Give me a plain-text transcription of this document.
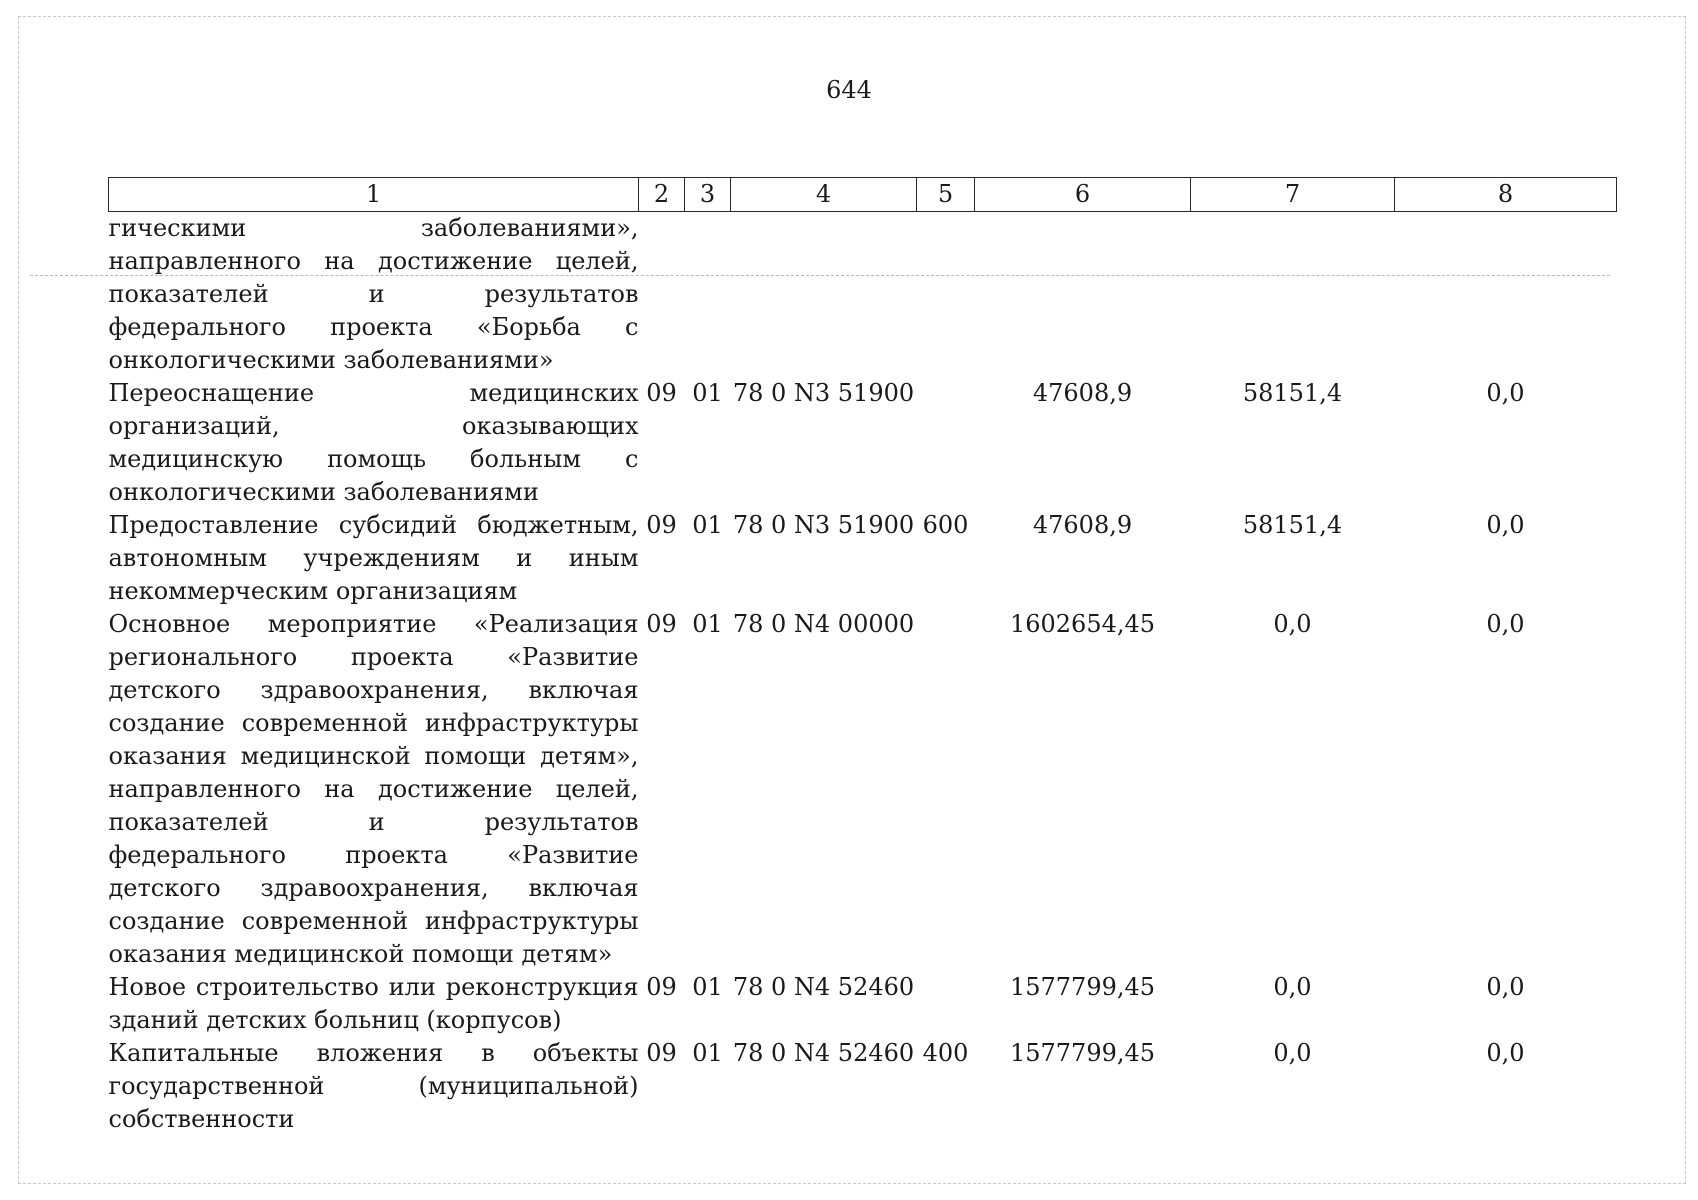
644
1	2	3	4	5	6	7	8
гическими заболеваниями», направленного на достижение целей, показателей и результатов федерального проекта «Борьба с онкологическими заболеваниями»							
Переоснащение медицинских организаций, оказывающих медицинскую помощь больным с онкологическими заболеваниями	09	01	78 0 N3 51900		47608,9	58151,4	0,0
Предоставление субсидий бюджетным, автономным учреждениям и иным некоммерческим организациям	09	01	78 0 N3 51900	600	47608,9	58151,4	0,0
Основное мероприятие «Реализация регионального проекта «Развитие детского здравоохранения, включая создание современной инфраструктуры оказания медицинской помощи детям», направленного на достижение целей, показателей и результатов федерального проекта «Развитие детского здравоохранения, включая создание современной инфраструктуры оказания медицинской помощи детям»	09	01	78 0 N4 00000		1602654,45	0,0	0,0
Новое строительство или реконструкция зданий детских больниц (корпусов)	09	01	78 0 N4 52460		1577799,45	0,0	0,0
Капитальные вложения в объекты государственной (муниципальной) собственности	09	01	78 0 N4 52460	400	1577799,45	0,0	0,0
